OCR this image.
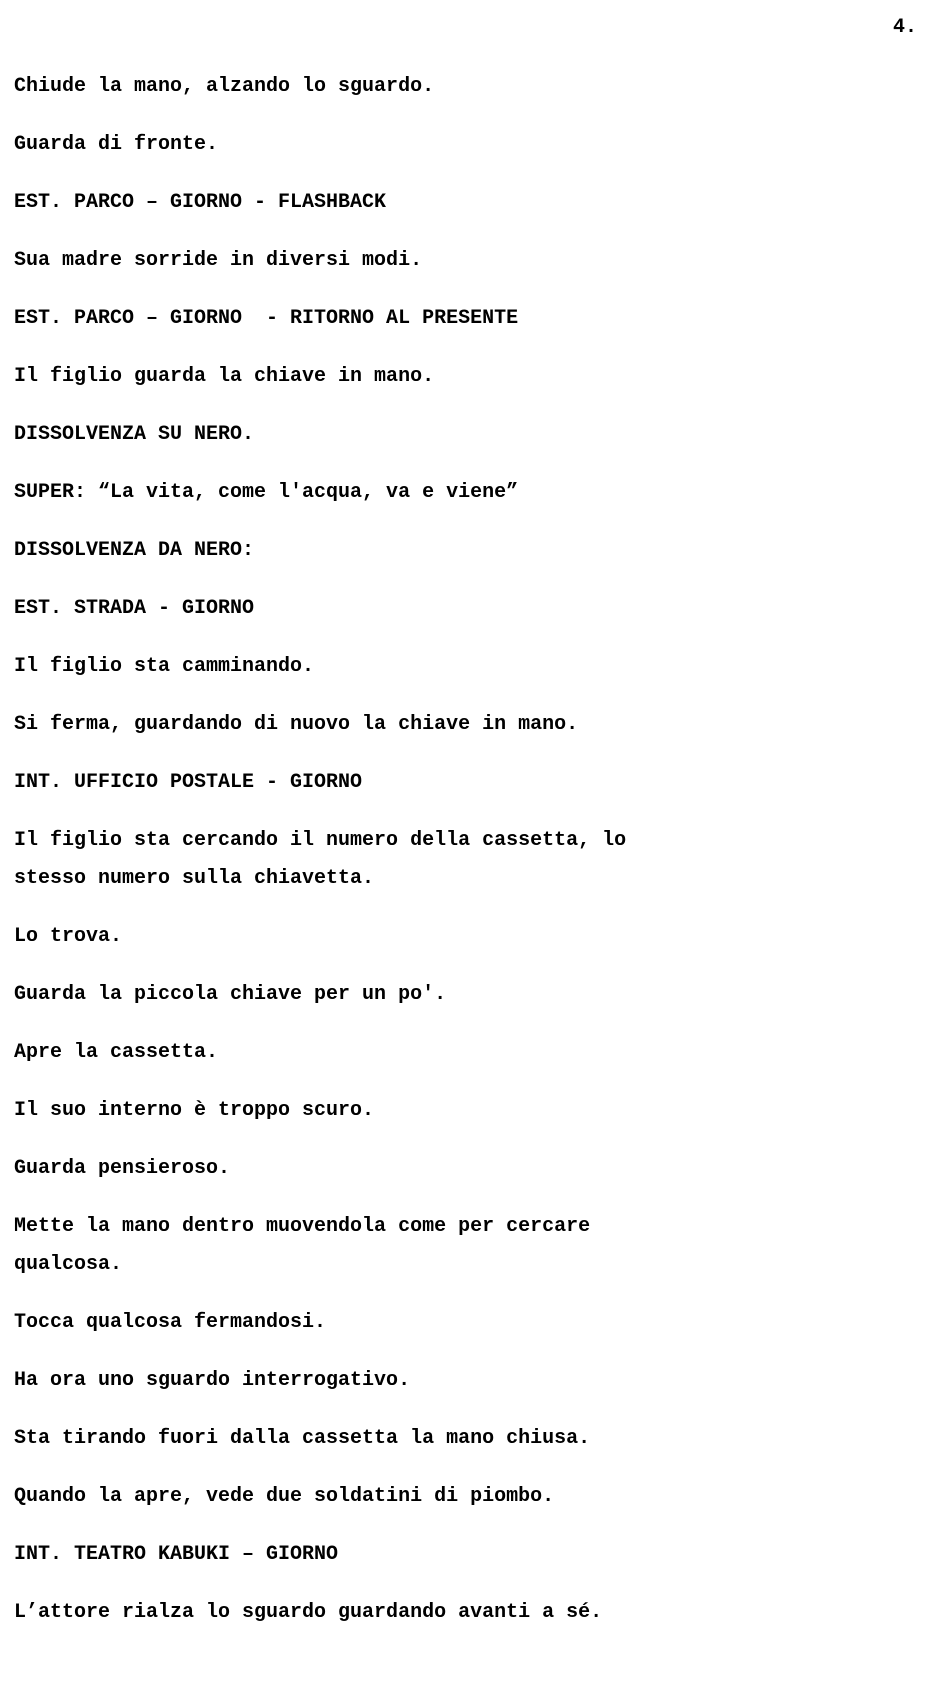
4.

Chiude la mano, alzando lo sguardo.

Guarda di fronte.

EST. PARCO – GIORNO - FLASHBACK

Sua madre sorride in diversi modi.

EST. PARCO – GIORNO  - RITORNO AL PRESENTE

Il figlio guarda la chiave in mano.

DISSOLVENZA SU NERO.

SUPER: “La vita, come l'acqua, va e viene”

DISSOLVENZA DA NERO:

EST. STRADA - GIORNO

Il figlio sta camminando.

Si ferma, guardando di nuovo la chiave in mano.

INT. UFFICIO POSTALE - GIORNO

Il figlio sta cercando il numero della cassetta, lo
stesso numero sulla chiavetta.

Lo trova.

Guarda la piccola chiave per un po'.

Apre la cassetta.

Il suo interno è troppo scuro.

Guarda pensieroso.

Mette la mano dentro muovendola come per cercare
qualcosa.

Tocca qualcosa fermandosi.

Ha ora uno sguardo interrogativo.

Sta tirando fuori dalla cassetta la mano chiusa.

Quando la apre, vede due soldatini di piombo.

INT. TEATRO KABUKI – GIORNO

L’attore rialza lo sguardo guardando avanti a sé.
